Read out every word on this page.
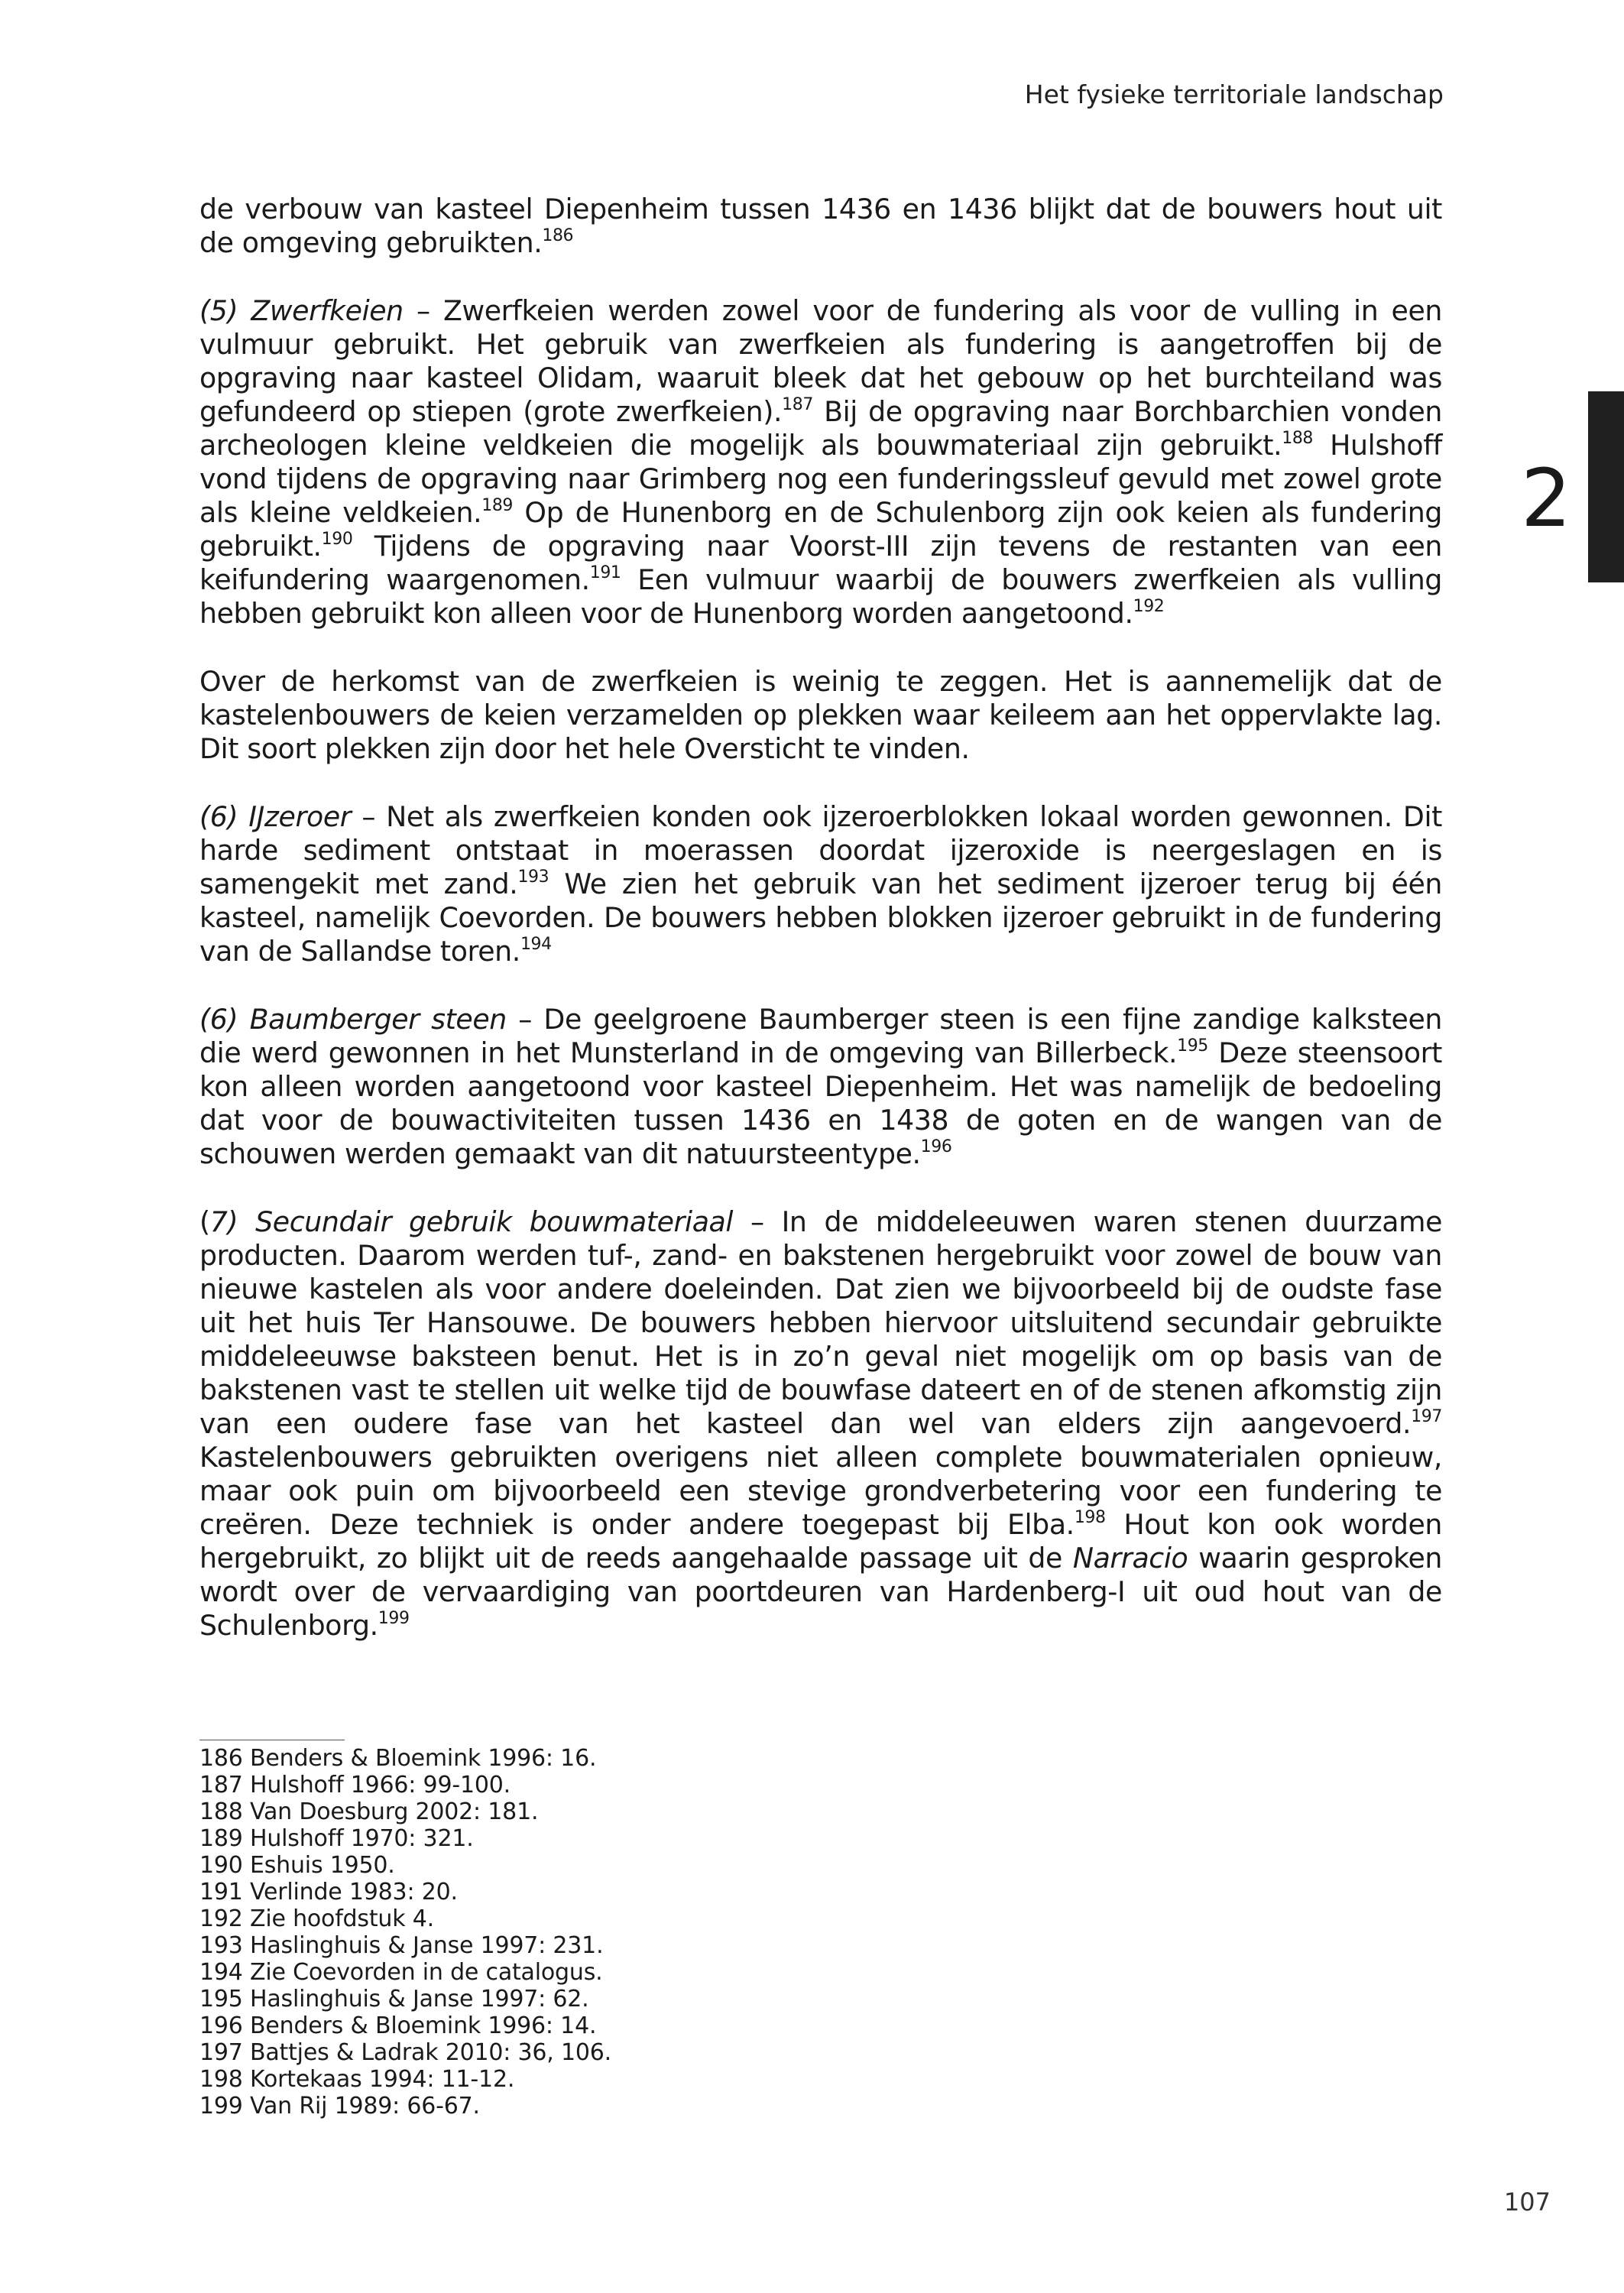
Het fysieke territoriale landschap
2

de verbouw van kasteel Diepenheim tussen 1436 en 1436 blijkt dat de bouwers hout uit de omgeving gebruikten.$^{186}$

(5) Zwerfkeien – Zwerfkeien werden zowel voor de fundering als voor de vulling in een vulmuur gebruikt. Het gebruik van zwerfkeien als fundering is aangetroffen bij de opgraving naar kasteel Olidam, waaruit bleek dat het gebouw op het burchteiland was gefundeerd op stiepen (grote zwerfkeien).$^{187}$ Bij de opgraving naar Borchbarchien vonden archeologen kleine veldkeien die mogelijk als bouwmateriaal zijn gebruikt.$^{188}$ Hulshoff vond tijdens de opgraving naar Grimberg nog een funderingssleuf gevuld met zowel grote als kleine veldkeien.$^{189}$ Op de Hunenborg en de Schulenborg zijn ook keien als fundering gebruikt.$^{190}$ Tijdens de opgraving naar Voorst-III zijn tevens de restanten van een keifundering waargenomen.$^{191}$ Een vulmuur waarbij de bouwers zwerfkeien als vulling hebben gebruikt kon alleen voor de Hunenborg worden aangetoond.$^{192}$

Over de herkomst van de zwerfkeien is weinig te zeggen. Het is aannemelijk dat de kastelenbouwers de keien verzamelden op plekken waar keileem aan het oppervlakte lag. Dit soort plekken zijn door het hele Oversticht te vinden.

(6) IJzeroer – Net als zwerfkeien konden ook ijzeroerblokken lokaal worden gewonnen. Dit harde sediment ontstaat in moerassen doordat ijzeroxide is neergeslagen en is samengekit met zand.$^{193}$ We zien het gebruik van het sediment ijzeroer terug bij één kasteel, namelijk Coevorden. De bouwers hebben blokken ijzeroer gebruikt in de fundering van de Sallandse toren.$^{194}$

(6) Baumberger steen – De geelgroene Baumberger steen is een fijne zandige kalksteen die werd gewonnen in het Munsterland in de omgeving van Billerbeck.$^{195}$ Deze steensoort kon alleen worden aangetoond voor kasteel Diepenheim. Het was namelijk de bedoeling dat voor de bouwactiviteiten tussen 1436 en 1438 de goten en de wangen van de schouwen werden gemaakt van dit natuursteentype.$^{196}$

(7) Secundair gebruik bouwmateriaal – In de middeleeuwen waren stenen duurzame producten. Daarom werden tuf-, zand- en bakstenen hergebruikt voor zowel de bouw van nieuwe kastelen als voor andere doeleinden. Dat zien we bijvoorbeeld bij de oudste fase uit het huis Ter Hansouwe. De bouwers hebben hiervoor uitsluitend secundair gebruikte middeleeuwse baksteen benut. Het is in zo’n geval niet mogelijk om op basis van de bakstenen vast te stellen uit welke tijd de bouwfase dateert en of de stenen afkomstig zijn van een oudere fase van het kasteel dan wel van elders zijn aangevoerd.$^{197}$ Kastelenbouwers gebruikten overigens niet alleen complete bouwmaterialen opnieuw, maar ook puin om bijvoorbeeld een stevige grondverbetering voor een fundering te creëren. Deze techniek is onder andere toegepast bij Elba.$^{198}$ Hout kon ook worden hergebruikt, zo blijkt uit de reeds aangehaalde passage uit de Narracio waarin gesproken wordt over de vervaardiging van poortdeuren van Hardenberg-I uit oud hout van de Schulenborg.$^{199}$

186 Benders & Bloemink 1996: 16.
187 Hulshoff 1966: 99-100.
188 Van Doesburg 2002: 181.
189 Hulshoff 1970: 321.
190 Eshuis 1950.
191 Verlinde 1983: 20.
192 Zie hoofdstuk 4.
193 Haslinghuis & Janse 1997: 231.
194 Zie Coevorden in de catalogus.
195 Haslinghuis & Janse 1997: 62.
196 Benders & Bloemink 1996: 14.
197 Battjes & Ladrak 2010: 36, 106.
198 Kortekaas 1994: 11-12.
199 Van Rij 1989: 66-67.
107
